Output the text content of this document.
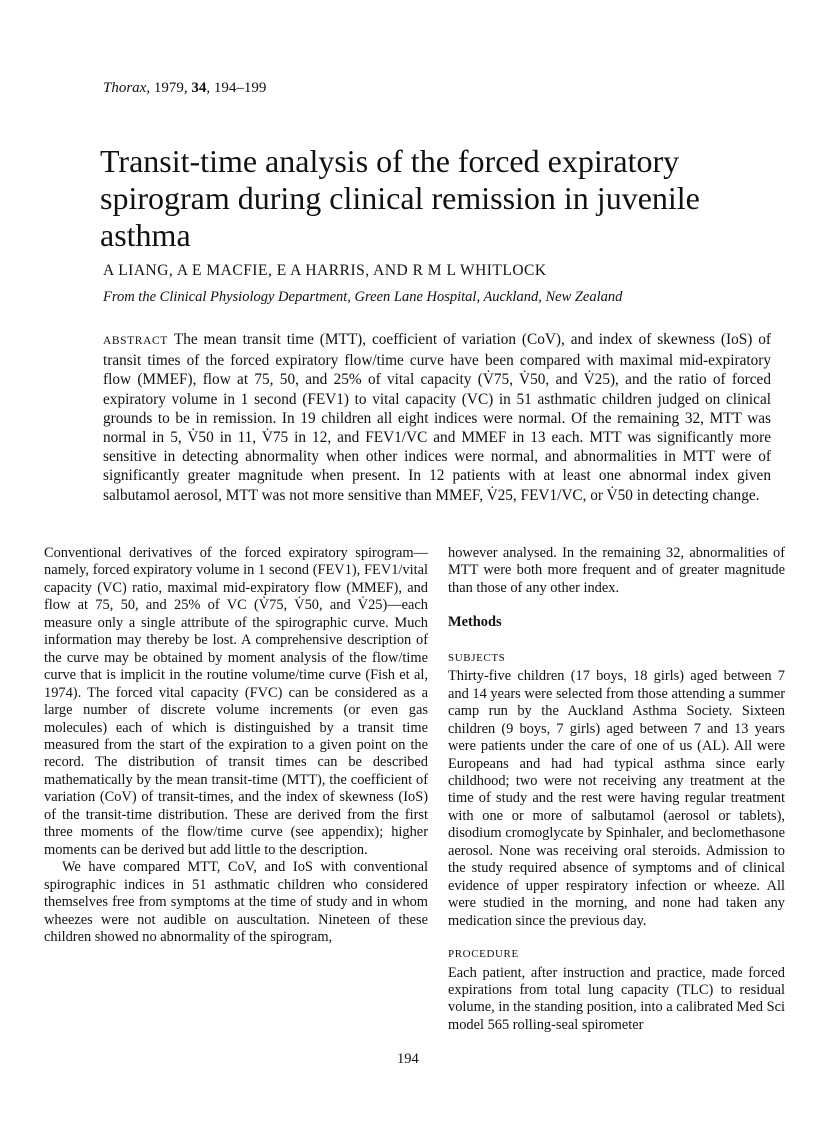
Thorax, 1979, 34, 194–199
Transit-time analysis of the forced expiratory spirogram during clinical remission in juvenile asthma
A LIANG, A E MACFIE, E A HARRIS, AND R M L WHITLOCK
From the Clinical Physiology Department, Green Lane Hospital, Auckland, New Zealand

ABSTRACT The mean transit time (MTT), coefficient of variation (CoV), and index of skewness (IoS) of transit times of the forced expiratory flow/time curve have been compared with maximal mid-expiratory flow (MMEF), flow at 75, 50, and 25% of vital capacity (V̇75, V̇50, and V̇25), and the ratio of forced expiratory volume in 1 second (FEV1) to vital capacity (VC) in 51 asthmatic children judged on clinical grounds to be in remission. In 19 children all eight indices were normal. Of the remaining 32, MTT was normal in 5, V̇50 in 11, V̇75 in 12, and FEV1/VC and MMEF in 13 each. MTT was significantly more sensitive in detecting abnormality when other indices were normal, and abnormalities in MTT were of significantly greater magnitude when present. In 12 patients with at least one abnormal index given salbutamol aerosol, MTT was not more sensitive than MMEF, V̇25, FEV1/VC, or V̇50 in detecting change.

Conventional derivatives of the forced expiratory spirogram—namely, forced expiratory volume in 1 second (FEV1), FEV1/vital capacity (VC) ratio, maximal mid-expiratory flow (MMEF), and flow at 75, 50, and 25% of VC (V̇75, V̇50, and V̇25)—each measure only a single attribute of the spirographic curve. Much information may thereby be lost. A comprehensive description of the curve may be obtained by moment analysis of the flow/time curve that is implicit in the routine volume/time curve (Fish et al, 1974). The forced vital capacity (FVC) can be considered as a large number of discrete volume increments (or even gas molecules) each of which is distinguished by a transit time measured from the start of the expiration to a given point on the record. The distribution of transit times can be described mathematically by the mean transit-time (MTT), the coefficient of variation (CoV) of transit-times, and the index of skewness (IoS) of the transit-time distribution. These are derived from the first three moments of the flow/time curve (see appendix); higher moments can be derived but add little to the description.

We have compared MTT, CoV, and IoS with conventional spirographic indices in 51 asthmatic children who considered themselves free from symptoms at the time of study and in whom wheezes were not audible on auscultation. Nineteen of these children showed no abnormality of the spirogram,

however analysed. In the remaining 32, abnormalities of MTT were both more frequent and of greater magnitude than those of any other index.

Methods

SUBJECTS

Thirty-five children (17 boys, 18 girls) aged between 7 and 14 years were selected from those attending a summer camp run by the Auckland Asthma Society. Sixteen children (9 boys, 7 girls) aged between 7 and 13 years were patients under the care of one of us (AL). All were Europeans and had had typical asthma since early childhood; two were not receiving any treatment at the time of study and the rest were having regular treatment with one or more of salbutamol (aerosol or tablets), disodium cromoglycate by Spinhaler, and beclomethasone aerosol. None was receiving oral steroids. Admission to the study required absence of symptoms and of clinical evidence of upper respiratory infection or wheeze. All were studied in the morning, and none had taken any medication since the previous day.

PROCEDURE

Each patient, after instruction and practice, made forced expirations from total lung capacity (TLC) to residual volume, in the standing position, into a calibrated Med Sci model 565 rolling-seal spirometer

194
